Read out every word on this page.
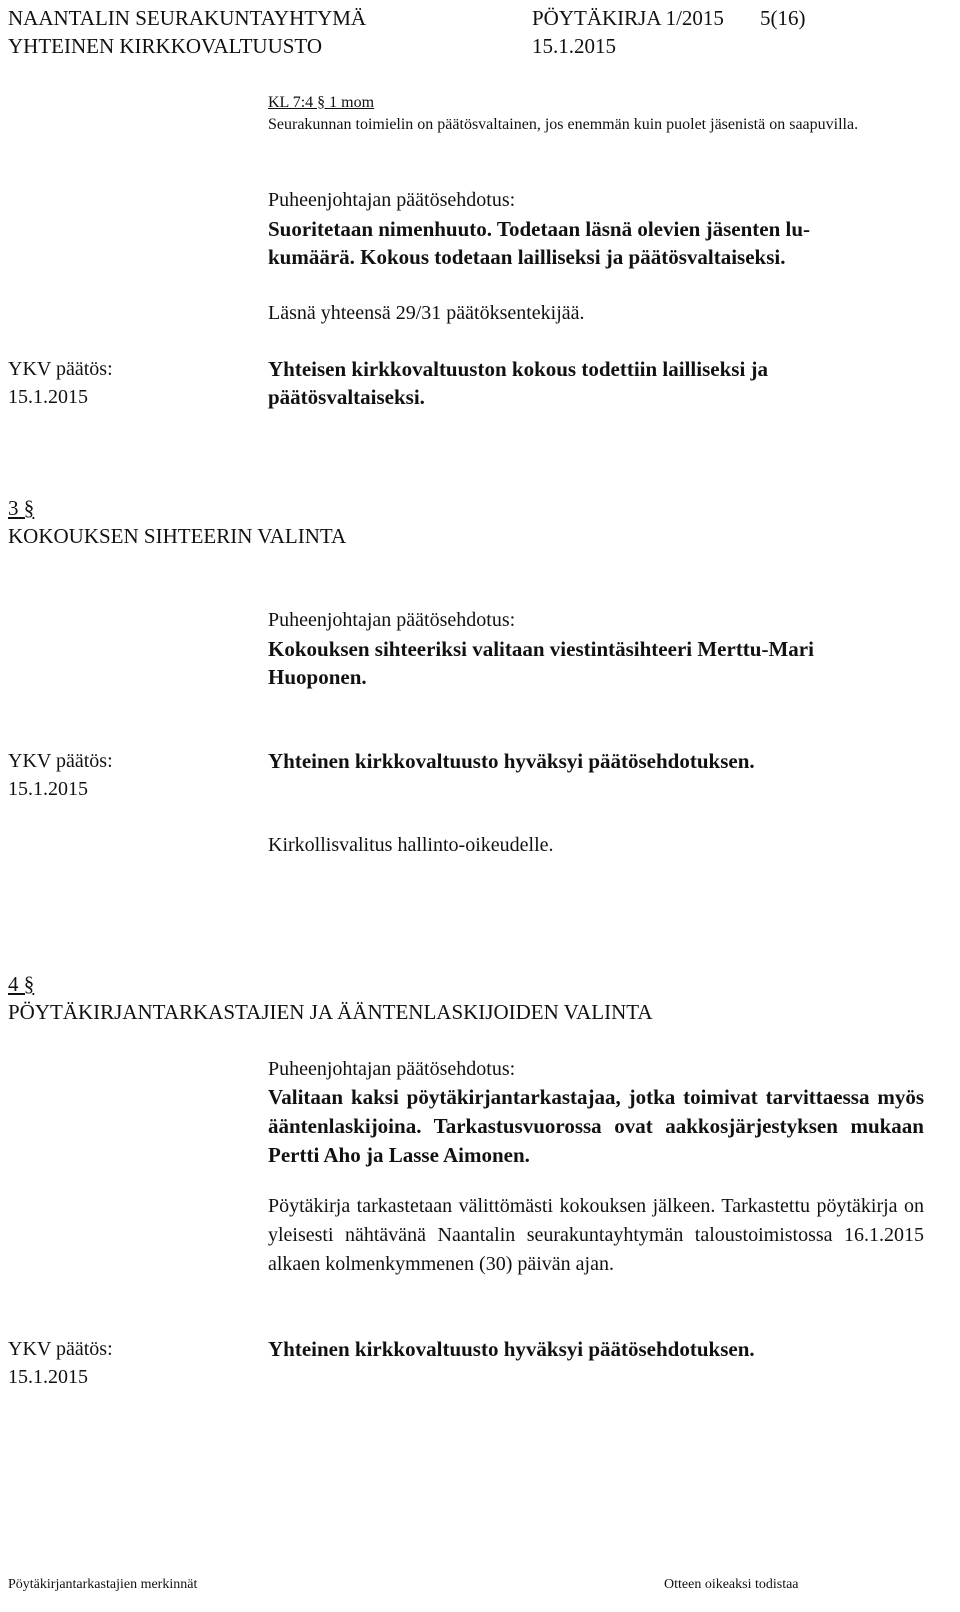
NAANTALIN SEURAKUNTAYHTYMÄ	PÖYTÄKIRJA 1/2015 5(16)
YHTEINEN KIRKKOVALTUUSTO	15.1.2015
KL 7:4 § 1 mom
Seurakunnan toimielin on päätösvaltainen, jos enemmän kuin puolet jäsenistä on saapuvilla.
Puheenjohtajan päätösehdotus:
Suoritetaan nimenhuuto. Todetaan läsnä olevien jäsenten lu-
kumäärä. Kokous todetaan lailliseksi ja päätösvaltaiseksi.
Läsnä yhteensä 29/31 päätöksentekijää.
YKV päätös:
15.1.2015
Yhteisen kirkkovaltuuston kokous todettiin lailliseksi ja
päätösvaltaiseksi.
3 §
KOKOUKSEN SIHTEERIN VALINTA
Puheenjohtajan päätösehdotus:
Kokouksen sihteeriksi valitaan viestintäsihteeri Merttu-Mari
Huoponen.
YKV päätös:
15.1.2015
Yhteinen kirkkovaltuusto hyväksyi päätösehdotuksen.
Kirkollisvalitus hallinto-oikeudelle.
4 §
PÖYTÄKIRJANTARKASTAJIEN JA ÄÄNTENLASKIJOIDEN VALINTA
Puheenjohtajan päätösehdotus:
Valitaan kaksi pöytäkirjantarkastajaa, jotka toimivat tarvittaessa myös ääntenlaskijoina. Tarkastusvuorossa ovat aakkosjärjestyksen mukaan Pertti Aho ja Lasse Aimonen.
Pöytäkirja tarkastetaan välittömästi kokouksen jälkeen. Tarkastettu pöytäkirja on yleisesti nähtävänä Naantalin seurakuntayhtymän taloustoimistossa 16.1.2015 alkaen kolmenkymmenen (30) päivän ajan.
YKV päätös:
15.1.2015
Yhteinen kirkkovaltuusto hyväksyi päätösehdotuksen.
Pöytäkirjantarkastajien merkinnät	Otteen oikeaksi todistaa
